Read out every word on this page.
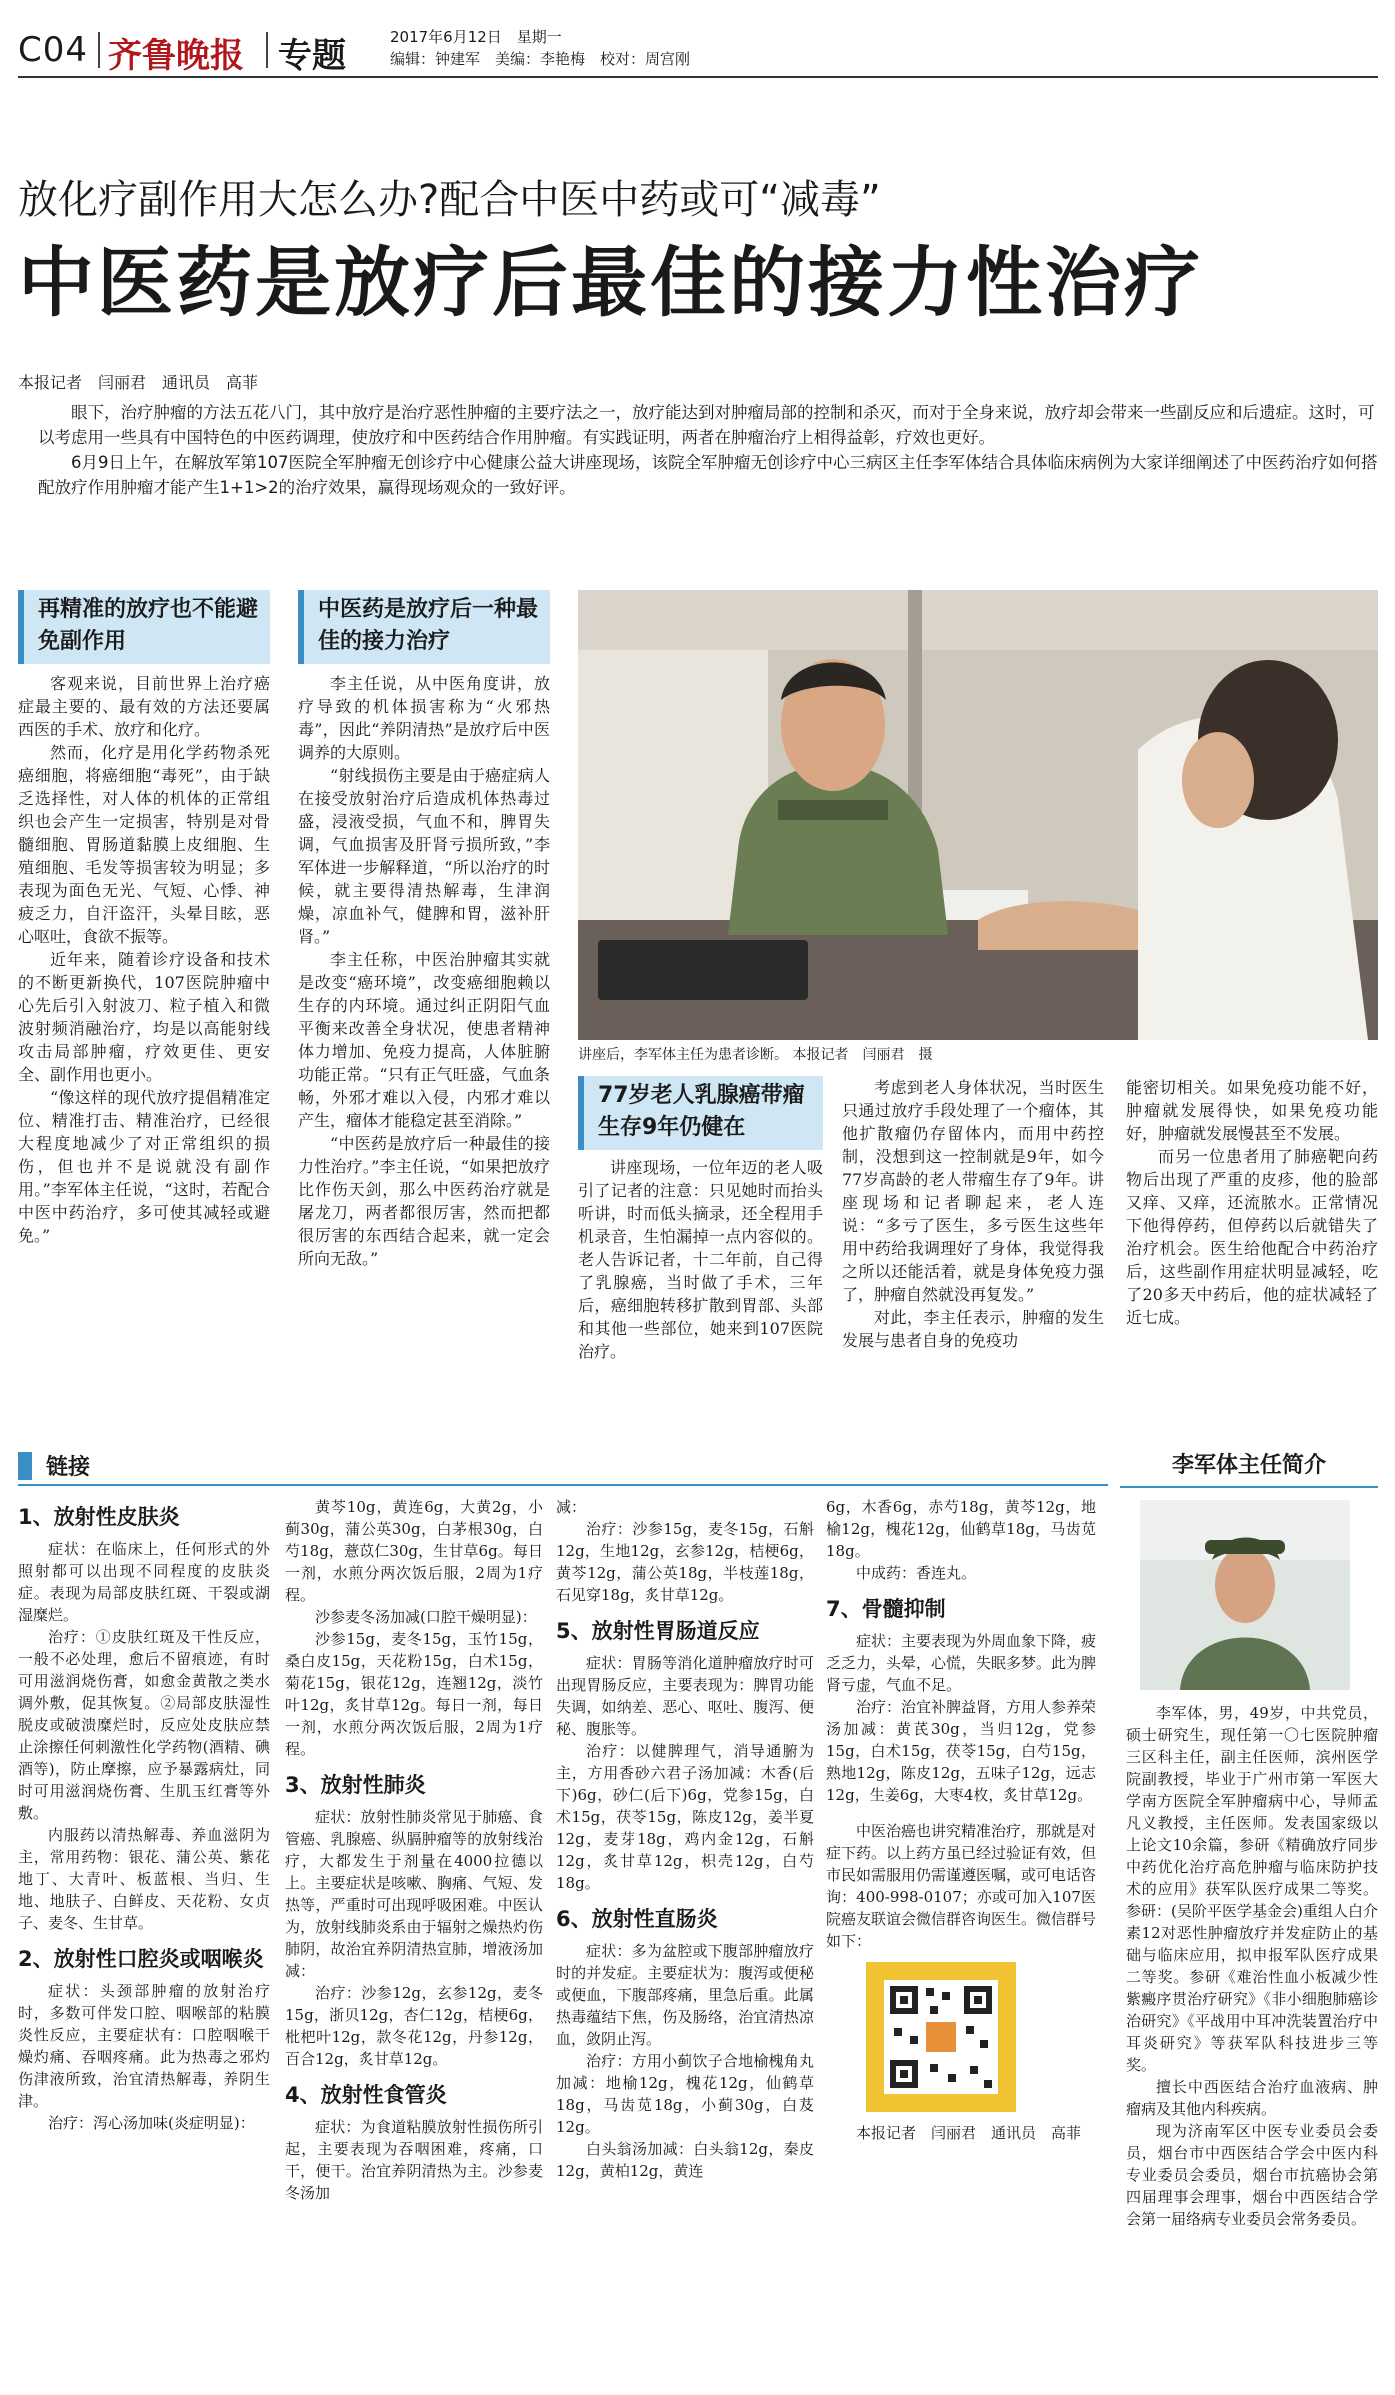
C04 齐鲁晚报 专题	2017年6月12日　星期一
编辑：钟建军　美编：李艳梅　校对：周宫刚
放化疗副作用大怎么办?配合中医中药或可“减毒”
中医药是放疗后最佳的接力性治疗
本报记者　闫丽君　通讯员　高菲

眼下，治疗肿瘤的方法五花八门，其中放疗是治疗恶性肿瘤的主要疗法之一，放疗能达到对肿瘤局部的控制和杀灭，而对于全身来说，放疗却会带来一些副反应和后遗症。这时，可以考虑用一些具有中国特色的中医药调理，使放疗和中医药结合作用肿瘤。有实践证明，两者在肿瘤治疗上相得益彰，疗效也更好。

6月9日上午，在解放军第107医院全军肿瘤无创诊疗中心健康公益大讲座现场，该院全军肿瘤无创诊疗中心三病区主任李军体结合具体临床病例为大家详细阐述了中医药治疗如何搭配放疗作用肿瘤才能产生1+1>2的治疗效果，赢得现场观众的一致好评。

再精准的放疗也不能避免副作用

客观来说，目前世界上治疗癌症最主要的、最有效的方法还要属西医的手术、放疗和化疗。

然而，化疗是用化学药物杀死癌细胞，将癌细胞“毒死”，由于缺乏选择性，对人体的机体的正常组织也会产生一定损害，特别是对骨髓细胞、胃肠道黏膜上皮细胞、生殖细胞、毛发等损害较为明显；多表现为面色无光、气短、心悸、神疲乏力，自汗盗汗，头晕目眩，恶心呕吐，食欲不振等。

近年来，随着诊疗设备和技术的不断更新换代，107医院肿瘤中心先后引入射波刀、粒子植入和微波射频消融治疗，均是以高能射线攻击局部肿瘤，疗效更佳、更安全、副作用也更小。

“像这样的现代放疗提倡精准定位、精准打击、精准治疗，已经很大程度地减少了对正常组织的损伤，但也并不是说就没有副作用。”李军体主任说，“这时，若配合中医中药治疗，多可使其减轻或避免。”

中医药是放疗后一种最佳的接力治疗

李主任说，从中医角度讲，放疗导致的机体损害称为“火邪热毒”，因此“养阴清热”是放疗后中医调养的大原则。

“射线损伤主要是由于癌症病人在接受放射治疗后造成机体热毒过盛，浸液受损，气血不和，脾胃失调，气血损害及肝肾亏损所致，”李军体进一步解释道，“所以治疗的时候，就主要得清热解毒，生津润燥，凉血补气，健脾和胃，滋补肝肾。”

李主任称，中医治肿瘤其实就是改变“癌环境”，改变癌细胞赖以生存的内环境。通过纠正阴阳气血平衡来改善全身状况，使患者精神体力增加、免疫力提高，人体脏腑功能正常。“只有正气旺盛，气血条畅，外邪才难以入侵，内邪才难以产生，瘤体才能稳定甚至消除。”

“中医药是放疗后一种最佳的接力性治疗。”李主任说，“如果把放疗比作伤天剑，那么中医药治疗就是屠龙刀，两者都很厉害，然而把都很厉害的东西结合起来，就一定会所向无敌。”

讲座后，李军体主任为患者诊断。 本报记者　闫丽君　摄
77岁老人乳腺癌带瘤生存9年仍健在

讲座现场，一位年迈的老人吸引了记者的注意：只见她时而抬头听讲，时而低头摘录，还全程用手机录音，生怕漏掉一点内容似的。老人告诉记者，十二年前，自己得了乳腺癌，当时做了手术，三年后，癌细胞转移扩散到胃部、头部和其他一些部位，她来到107医院治疗。

考虑到老人身体状况，当时医生只通过放疗手段处理了一个瘤体，其他扩散瘤仍存留体内，而用中药控制，没想到这一控制就是9年，如今77岁高龄的老人带瘤生存了9年。讲座现场和记者聊起来，老人连说：“多亏了医生，多亏医生这些年用中药给我调理好了身体，我觉得我之所以还能活着，就是身体免疫力强了，肿瘤自然就没再复发。”

对此，李主任表示，肿瘤的发生发展与患者自身的免疫功

能密切相关。如果免疫功能不好，肿瘤就发展得快，如果免疫功能好，肿瘤就发展慢甚至不发展。

而另一位患者用了肺癌靶向药物后出现了严重的皮疹，他的脸部又痒、又痒，还流脓水。正常情况下他得停药，但停药以后就错失了治疗机会。医生给他配合中药治疗后，这些副作用症状明显减轻，吃了20多天中药后，他的症状减轻了近七成。

链接
1、放射性皮肤炎

症状：在临床上，任何形式的外照射都可以出现不同程度的皮肤炎症。表现为局部皮肤红斑、干裂或湖湿糜烂。

治疗：①皮肤红斑及干性反应，一般不必处理，愈后不留痕迹，有时可用滋润烧伤膏，如愈金黄散之类水调外敷，促其恢复。②局部皮肤湿性脱皮或破溃糜烂时，反应处皮肤应禁止涂擦任何刺激性化学药物(酒精、碘酒等)，防止摩擦，应予暴露病灶，同时可用滋润烧伤膏、生肌玉红膏等外敷。

内服药以清热解毒、养血滋阴为主，常用药物：银花、蒲公英、紫花地丁、大青叶、板蓝根、当归、生地、地肤子、白鲜皮、天花粉、女贞子、麦冬、生甘草。

2、放射性口腔炎或咽喉炎

症状：头颈部肿瘤的放射治疗时，多数可伴发口腔、咽喉部的粘膜炎性反应，主要症状有：口腔咽喉干燥灼痛、吞咽疼痛。此为热毒之邪灼伤津液所致，治宜清热解毒，养阴生津。

治疗：泻心汤加味(炎症明显)：

黄芩10g，黄连6g，大黄2g，小蓟30g，蒲公英30g，白茅根30g，白芍18g，薏苡仁30g，生甘草6g。每日一剂，水煎分两次饭后服，2周为1疗程。

沙参麦冬汤加减(口腔干燥明显)：

沙参15g，麦冬15g，玉竹15g，桑白皮15g，天花粉15g，白术15g，菊花15g，银花12g，连翘12g，淡竹叶12g，炙甘草12g。每日一剂，每日一剂，水煎分两次饭后服，2周为1疗程。

3、放射性肺炎

症状：放射性肺炎常见于肺癌、食管癌、乳腺癌、纵膈肿瘤等的放射线治疗，大都发生于剂量在4000拉德以上。主要症状是咳嗽、胸痛、气短、发热等，严重时可出现呼吸困难。中医认为，放射线肺炎系由于辐射之燥热灼伤肺阴，故治宜养阴清热宣肺，增液汤加减：

治疗：沙参12g，玄参12g，麦冬15g，浙贝12g，杏仁12g，桔梗6g，枇杷叶12g，款冬花12g，丹参12g，百合12g，炙甘草12g。

4、放射性食管炎

症状：为食道粘膜放射性损伤所引起，主要表现为吞咽困难，疼痛，口干，便干。治宜养阴清热为主。沙参麦冬汤加

减：

治疗：沙参15g，麦冬15g，石斛12g，生地12g，玄参12g，桔梗6g，黄芩12g，蒲公英18g，半枝莲18g，石见穿18g，炙甘草12g。

5、放射性胃肠道反应

症状：胃肠等消化道肿瘤放疗时可出现胃肠反应，主要表现为：脾胃功能失调，如纳差、恶心、呕吐、腹泻、便秘、腹胀等。

治疗：以健脾理气，消导通腑为主，方用香砂六君子汤加减：木香(后下)6g，砂仁(后下)6g，党参15g，白术15g，茯苓15g，陈皮12g，姜半夏12g，麦芽18g，鸡内金12g，石斛12g，炙甘草12g，枳壳12g，白芍18g。

6、放射性直肠炎

症状：多为盆腔或下腹部肿瘤放疗时的并发症。主要症状为：腹泻或便秘或便血，下腹部疼痛，里急后重。此属热毒蕴结下焦，伤及肠络，治宜清热凉血，敛阴止泻。

治疗：方用小蓟饮子合地榆槐角丸加减：地榆12g，槐花12g，仙鹤草18g，马齿苋18g，小蓟30g，白芨12g。

白头翁汤加减：白头翁12g，秦皮12g，黄柏12g，黄连

6g，木香6g，赤芍18g，黄芩12g，地榆12g，槐花12g，仙鹤草18g，马齿苋18g。

中成药：香连丸。

7、骨髓抑制

症状：主要表现为外周血象下降，疲乏乏力，头晕，心慌，失眠多梦。此为脾肾亏虚，气血不足。

治疗：治宜补脾益肾，方用人参养荣汤加减：黄芪30g，当归12g，党参15g，白术15g，茯苓15g，白芍15g，熟地12g，陈皮12g，五味子12g，远志12g，生姜6g，大枣4枚，炙甘草12g。

中医治癌也讲究精准治疗，那就是对症下药。以上药方虽已经过验证有效，但市民如需服用仍需谨遵医嘱，或可电话咨询：400-998-0107；亦或可加入107医院癌友联谊会微信群咨询医生。微信群号如下：

本报记者　闫丽君　通讯员　高菲

李军体主任简介

李军体，男，49岁，中共党员，硕士研究生，现任第一〇七医院肿瘤三区科主任，副主任医师，滨州医学院副教授，毕业于广州市第一军医大学南方医院全军肿瘤病中心，导师孟凡义教授，主任医师。发表国家级以上论文10余篇，参研《精确放疗同步中药优化治疗高危肿瘤与临床防护技术的应用》获军队医疗成果二等奖。参研：(吴阶平医学基金会)重组人白介素12对恶性肿瘤放疗并发症防止的基础与临床应用，拟申报军队医疗成果二等奖。参研《难治性血小板减少性紫癜序贯治疗研究》《非小细胞肺癌诊治研究》《平战用中耳冲洗装置治疗中耳炎研究》等获军队科技进步三等奖。

擅长中西医结合治疗血液病、肿瘤病及其他内科疾病。

现为济南军区中医专业委员会委员，烟台市中西医结合学会中医内科专业委员会委员，烟台市抗癌协会第四届理事会理事，烟台中西医结合学会第一届络病专业委员会常务委员。
